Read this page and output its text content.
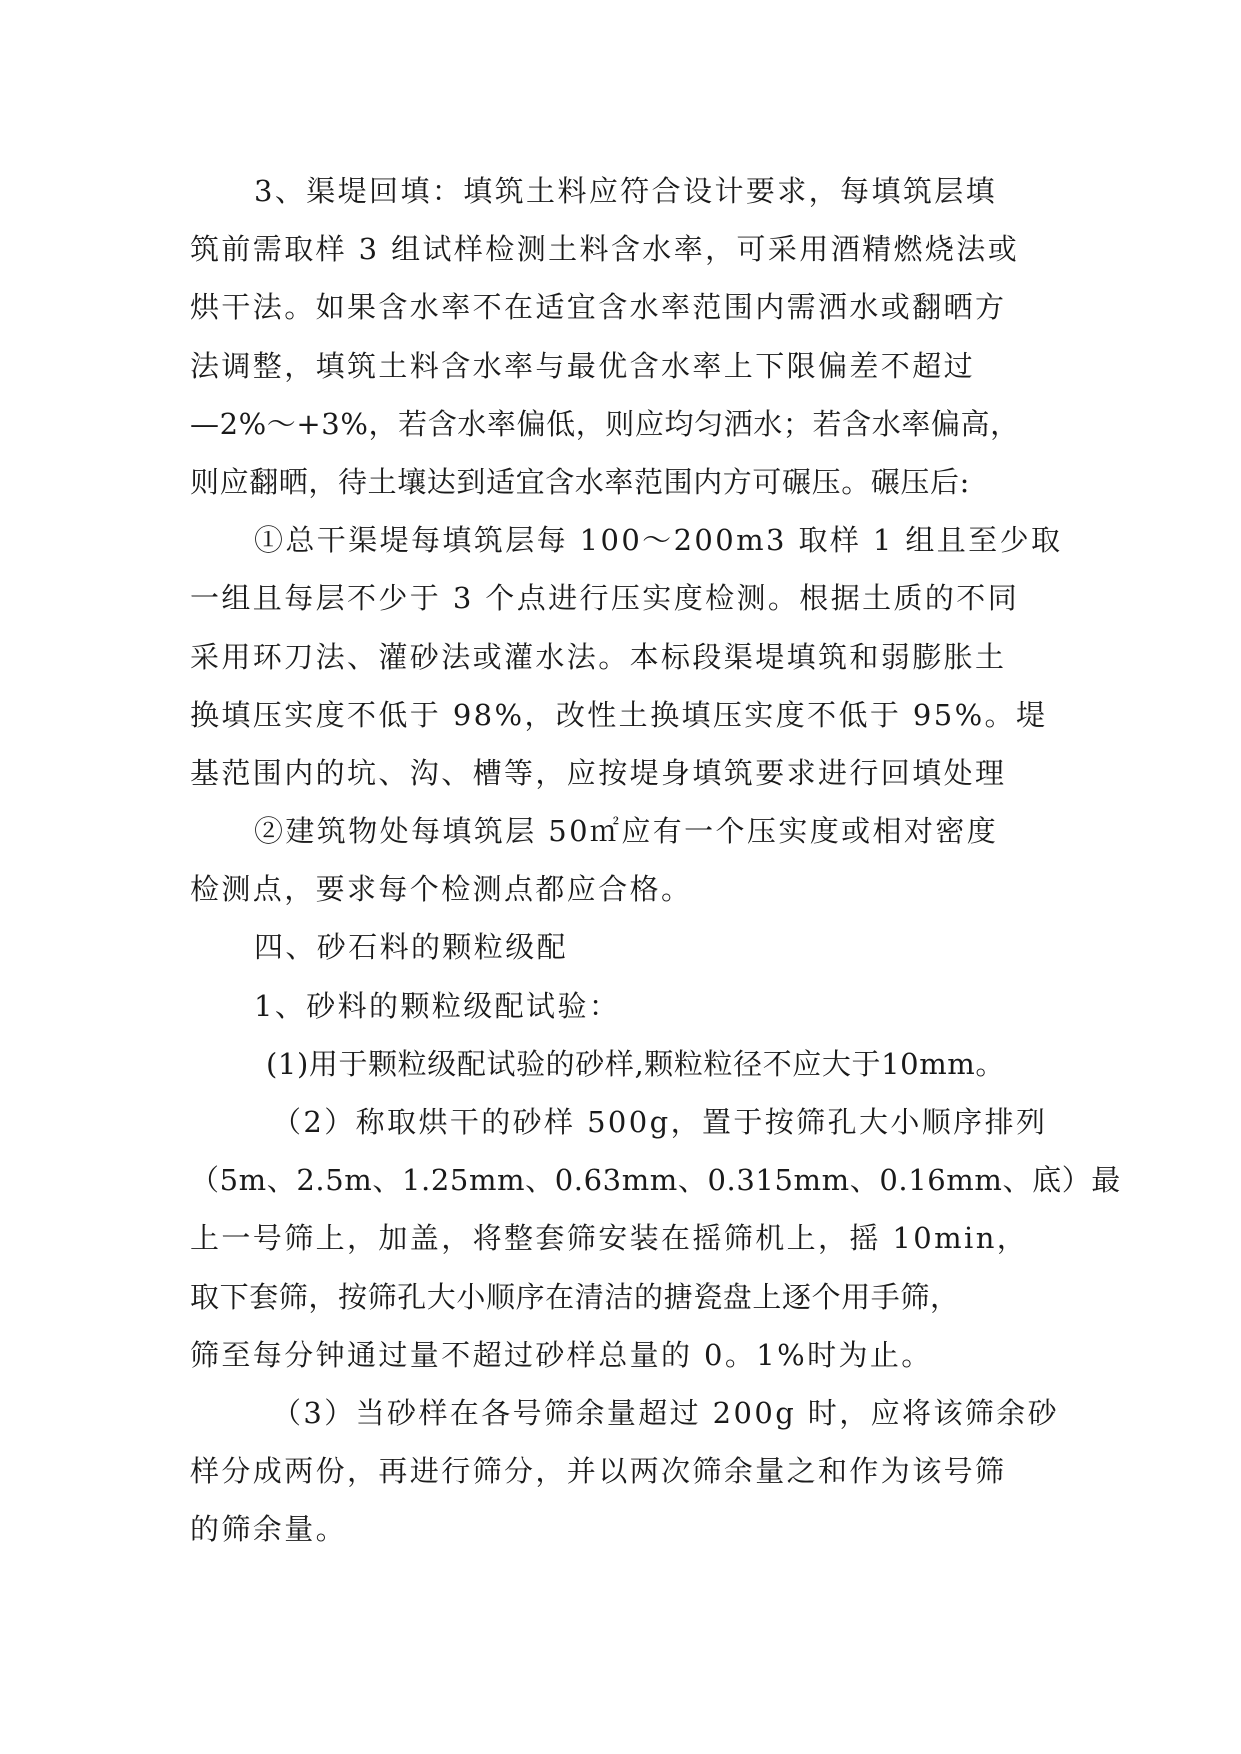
3、渠堤回填：填筑土料应符合设计要求，每填筑层填
筑前需取样 3 组试样检测土料含水率，可采用酒精燃烧法或
烘干法。如果含水率不在适宜含水率范围内需洒水或翻晒方
法调整，填筑土料含水率与最优含水率上下限偏差不超过
—2%～+3%，若含水率偏低，则应均匀洒水；若含水率偏高，
则应翻晒，待土壤达到适宜含水率范围内方可碾压。碾压后:
①总干渠堤每填筑层每 100～200m3 取样 1 组且至少取
一组且每层不少于 3 个点进行压实度检测。根据土质的不同
采用环刀法、灌砂法或灌水法。本标段渠堤填筑和弱膨胀土
换填压实度不低于 98%，改性土换填压实度不低于 95%。堤
基范围内的坑、沟、槽等，应按堤身填筑要求进行回填处理
②建筑物处每填筑层 50㎡应有一个压实度或相对密度
检测点，要求每个检测点都应合格。
四、砂石料的颗粒级配
1、砂料的颗粒级配试验：
(1)用于颗粒级配试验的砂样,颗粒粒径不应大于10mm。
（2）称取烘干的砂样 500g，置于按筛孔大小顺序排列
（5m、2.5m、1.25mm、0.63mm、0.315mm、0.16mm、底）最
上一号筛上，加盖，将整套筛安装在摇筛机上，摇 10min，
取下套筛，按筛孔大小顺序在清洁的搪瓷盘上逐个用手筛，
筛至每分钟通过量不超过砂样总量的 0。1%时为止。
（3）当砂样在各号筛余量超过 200g 时，应将该筛余砂
样分成两份，再进行筛分，并以两次筛余量之和作为该号筛
的筛余量。
